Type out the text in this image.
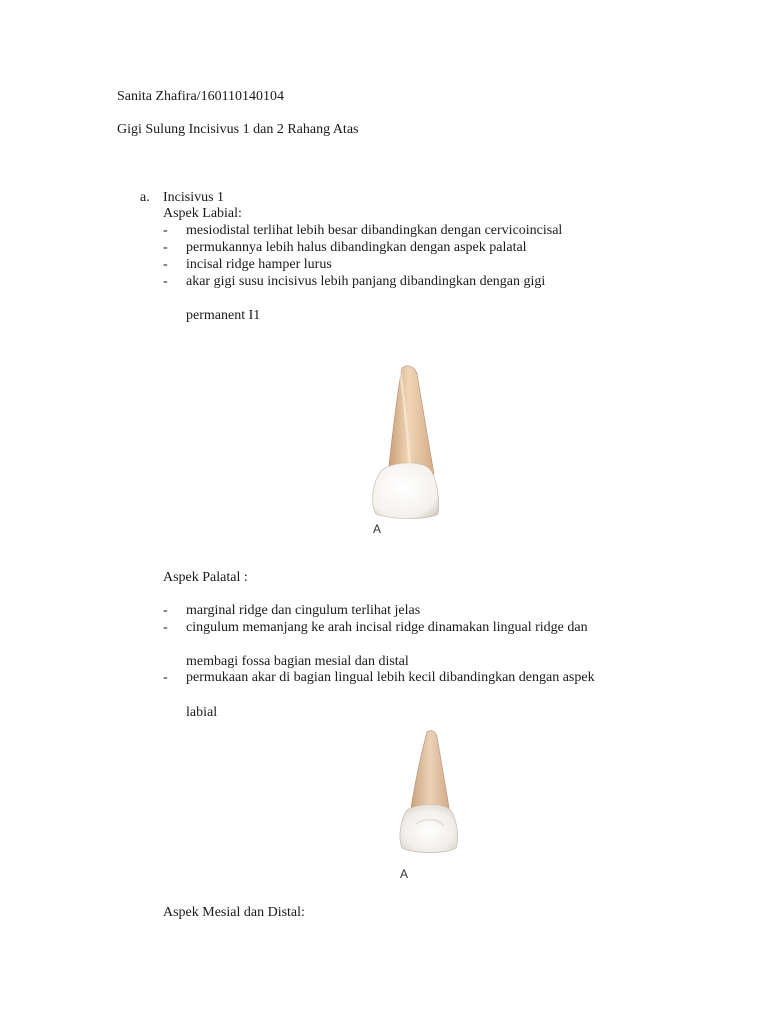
Sanita Zhafira/160110140104
Gigi Sulung Incisivus 1 dan 2 Rahang Atas
a. Incisivus 1
Aspek Labial:
- mesiodistal terlihat lebih besar dibandingkan dengan cervicoincisal
- permukannya lebih halus dibandingkan dengan aspek palatal
- incisal ridge hamper lurus
- akar gigi susu incisivus lebih panjang dibandingkan dengan gigi
permanent I1
A
Aspek Palatal :
- marginal ridge dan cingulum terlihat jelas
- cingulum memanjang ke arah incisal ridge dinamakan lingual ridge dan
membagi fossa bagian mesial dan distal
- permukaan akar di bagian lingual lebih kecil dibandingkan dengan aspek
labial
A
Aspek Mesial dan Distal:
